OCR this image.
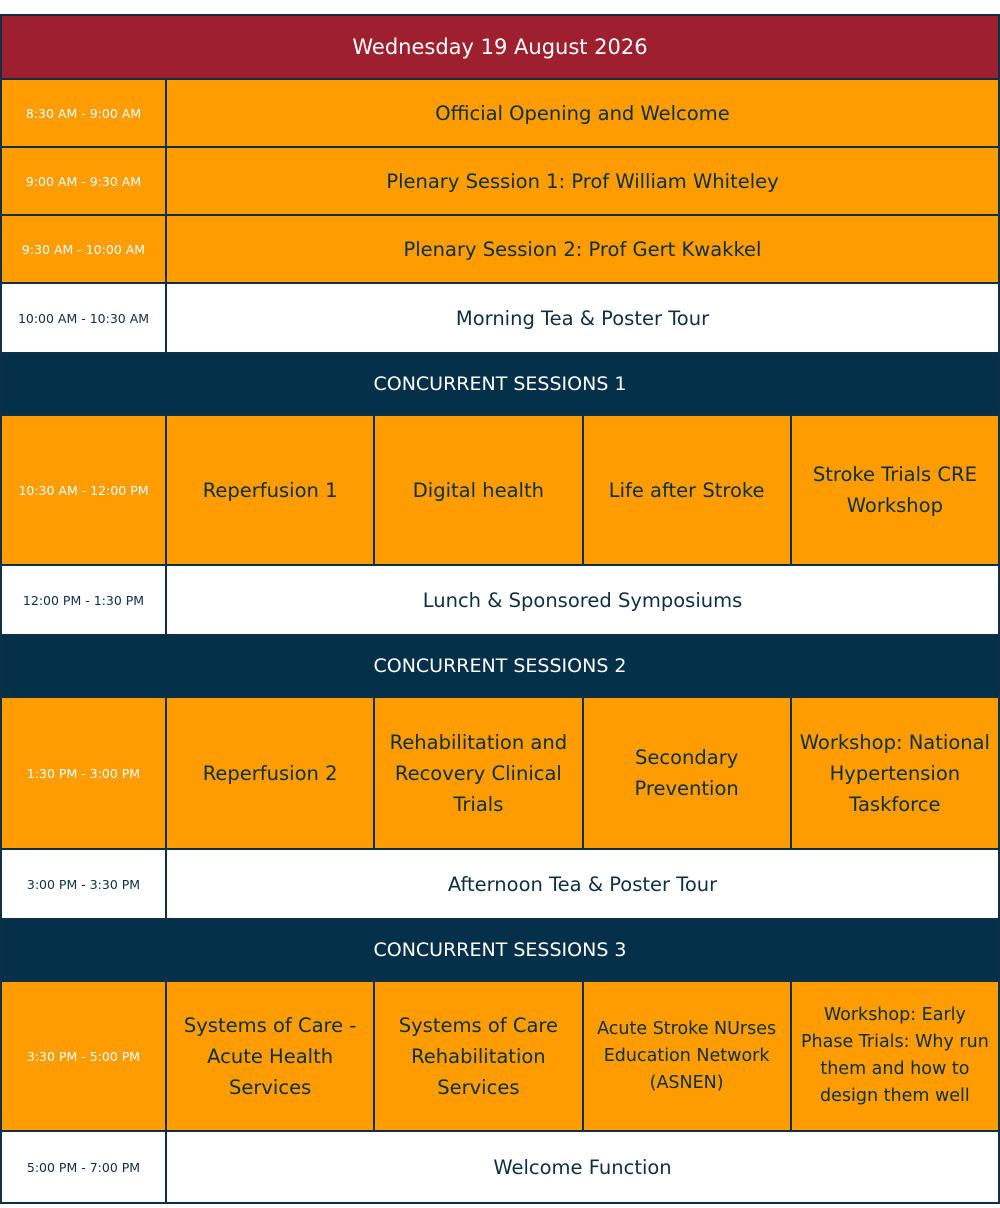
Wednesday 19 August 2026				
8:30 AM - 9:00 AM	Official Opening and Welcome			
9:00 AM - 9:30 AM	Plenary Session 1: Prof William Whiteley			
9:30 AM - 10:00 AM	Plenary Session 2: Prof Gert Kwakkel			
10:00 AM - 10:30 AM	Morning Tea & Poster Tour			
CONCURRENT SESSIONS 1				
10:30 AM - 12:00 PM	Reperfusion 1	Digital health	Life after Stroke	Stroke Trials CRE Workshop
12:00 PM - 1:30 PM	Lunch & Sponsored Symposiums			
CONCURRENT SESSIONS 2				
1:30 PM - 3:00 PM	Reperfusion 2	Rehabilitation and Recovery Clinical Trials	Secondary Prevention	Workshop: National Hypertension Taskforce
3:00 PM - 3:30 PM	Afternoon Tea & Poster Tour			
CONCURRENT SESSIONS 3				
3:30 PM - 5:00 PM	Systems of Care - Acute Health Services	Systems of Care Rehabilitation Services	Acute Stroke NUrses Education Network (ASNEN)	Workshop: Early Phase Trials: Why run them and how to design them well
5:00 PM - 7:00 PM	Welcome Function			
